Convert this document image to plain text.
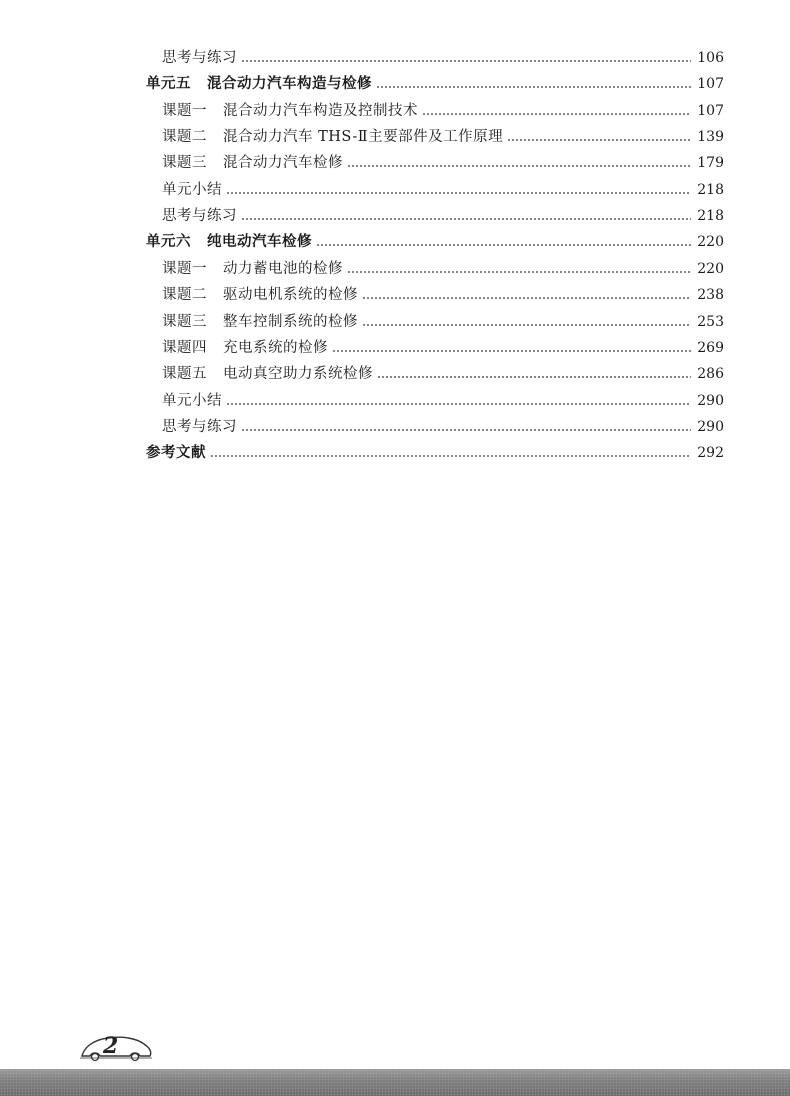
思考与练习	106
单元五 混合动力汽车构造与检修	107
课题一 混合动力汽车构造及控制技术	107
课题二 混合动力汽车 THS-Ⅱ主要部件及工作原理	139
课题三 混合动力汽车检修	179
单元小结	218
思考与练习	218
单元六 纯电动汽车检修	220
课题一 动力蓄电池的检修	220
课题二 驱动电机系统的检修	238
课题三 整车控制系统的检修	253
课题四 充电系统的检修	269
课题五 电动真空助力系统检修	286
单元小结	290
思考与练习	290
参考文献	292
2
